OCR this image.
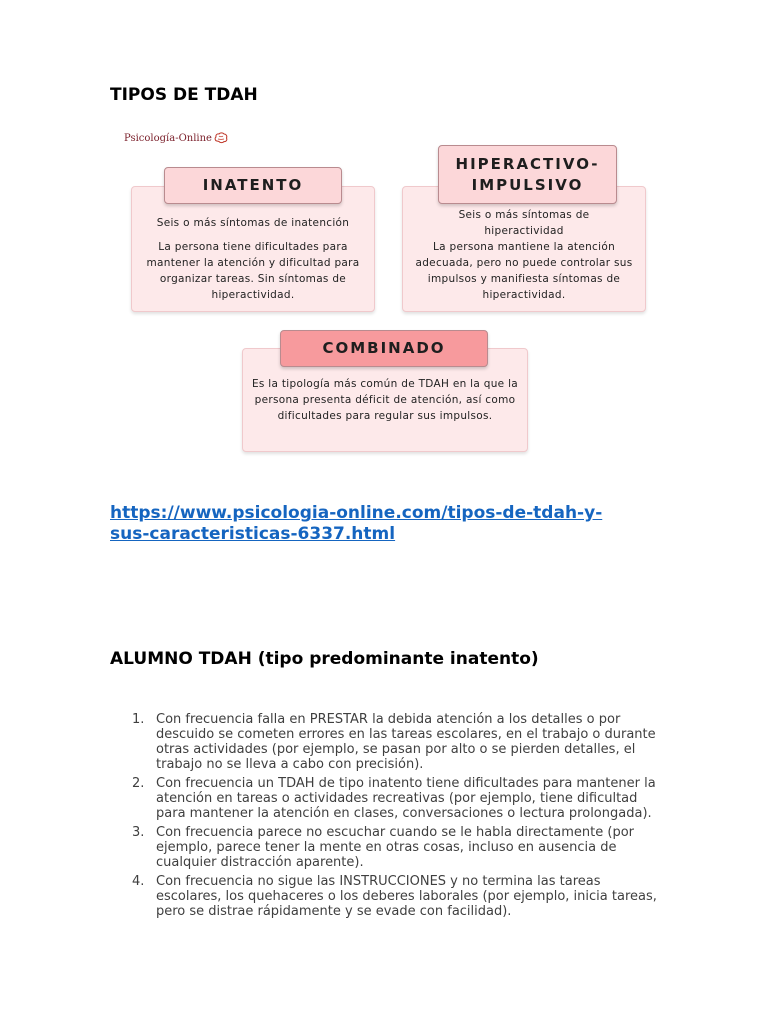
TIPOS DE TDAH
Psicología-Online

Seis o más síntomas de inatención

La persona tiene dificultades para mantener la atención y dificultad para organizar tareas. Sin síntomas de hiperactividad.

INATENTO

Seis o más síntomas de hiperactividad

La persona mantiene la atención adecuada, pero no puede controlar sus impulsos y manifiesta síntomas de hiperactividad.

HIPERACTIVO-
IMPULSIVO

Es la tipología más común de TDAH en la que la persona presenta déficit de atención, así como dificultades para regular sus impulsos.

COMBINADO
https://www.psicologia-online.com/tipos-de-tdah-y-
sus-caracteristicas-6337.html
ALUMNO TDAH (tipo predominante inatento)
1. Con frecuencia falla en PRESTAR la debida atención a los detalles o por descuido se cometen errores en las tareas escolares, en el trabajo o durante otras actividades (por ejemplo, se pasan por alto o se pierden detalles, el trabajo no se lleva a cabo con precisión).
2. Con frecuencia un TDAH de tipo inatento tiene dificultades para mantener la atención en tareas o actividades recreativas (por ejemplo, tiene dificultad para mantener la atención en clases, conversaciones o lectura prolongada).
3. Con frecuencia parece no escuchar cuando se le habla directamente (por ejemplo, parece tener la mente en otras cosas, incluso en ausencia de cualquier distracción aparente).
4. Con frecuencia no sigue las INSTRUCCIONES y no termina las tareas escolares, los quehaceres o los deberes laborales (por ejemplo, inicia tareas, pero se distrae rápidamente y se evade con facilidad).
